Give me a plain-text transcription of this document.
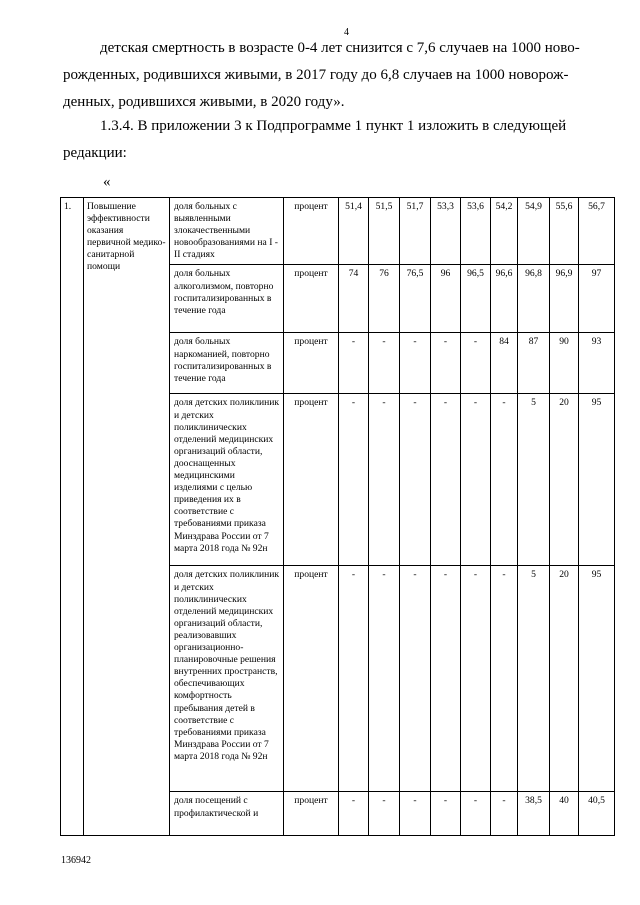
4
детская смертность в возрасте 0-4 лет снизится с 7,6 случаев на 1000 ново-
рожденных, родившихся живыми, в 2017 году до 6,8 случаев на 1000 новорож-
денных, родившихся живыми, в 2020 году».
1.3.4. В приложении 3 к Подпрограмме 1 пункт 1 изложить в следующей
редакции:
«
1.	Повышение эффективности оказания первичной медико-санитарной помощи	доля больных с выявленными злокачественными новообразованиями на I - II стадиях	процент	51,4	51,5	51,7	53,3	53,6	54,2	54,9	55,6	56,7
		доля больных алкоголизмом, повторно госпитализированных в течение года	процент	74	76	76,5	96	96,5	96,6	96,8	96,9	97
		доля больных наркоманией, повторно госпитализированных в течение года	процент	-	-	-	-	-	84	87	90	93
		доля детских поликлиник и детских поликлинических отделений медицинских организаций области, дооснащенных медицинскими изделиями с целью приведения их в соответствие с требованиями приказа Минздрава России от 7 марта 2018 года № 92н	процент	-	-	-	-	-	-	5	20	95
		доля детских поликлиник и детских поликлинических отделений медицинских организаций области, реализовавших организационно-планировочные решения внутренних пространств, обеспечивающих комфортность пребывания детей в соответствие с требованиями приказа Минздрава России от 7 марта 2018 года № 92н	процент	-	-	-	-	-	-	5	20	95
		доля посещений с профилактической и	процент	-	-	-	-	-	-	38,5	40	40,5
136942
